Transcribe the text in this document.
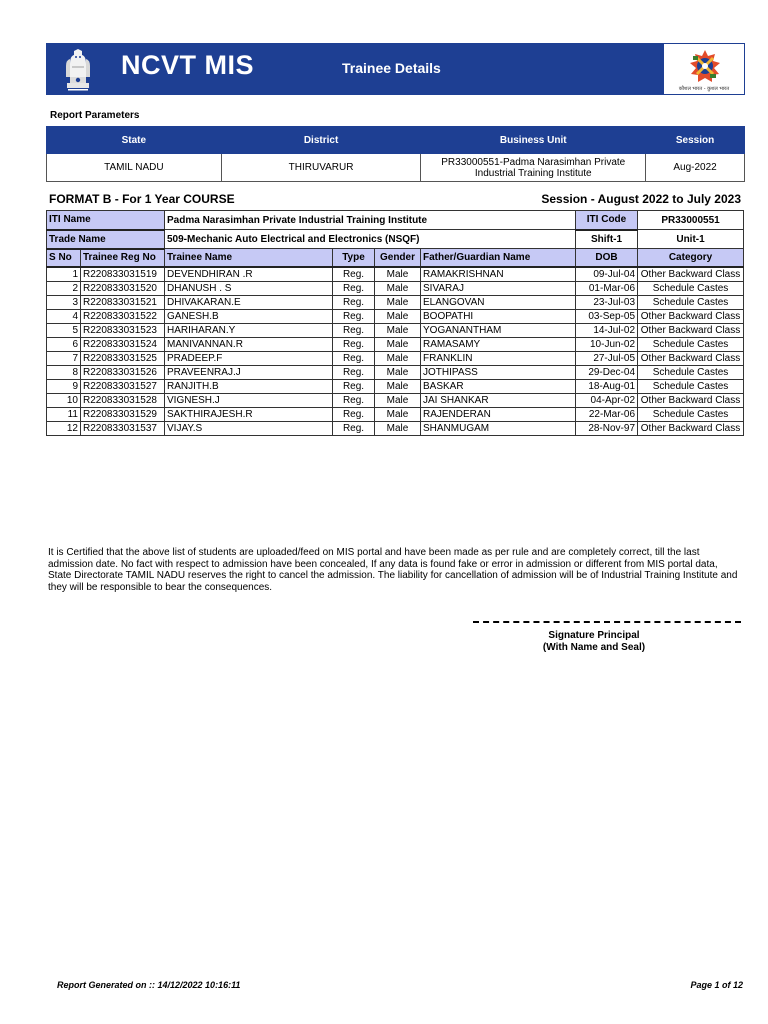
NCVT MIS	Trainee Details
कौशल भारत - कुशल भारत
Report Parameters
State	District	Business Unit	Session
TAMIL NADU	THIRUVARUR	PR33000551-Padma Narasimhan Private Industrial Training Institute	Aug-2022
FORMAT B - For 1 Year COURSE	Session - August 2022 to July 2023
ITI Name		Padma Narasimhan Private Industrial Training Institute				ITI Code	PR33000551
Trade Name		509-Mechanic Auto Electrical and Electronics (NSQF)				Shift-1	Unit-1
S No	Trainee Reg No	Trainee Name	Type	Gender	Father/Guardian Name	DOB	Category
1	R220833031519	DEVENDHIRAN .R	Reg.	Male	RAMAKRISHNAN	09-Jul-04	Other Backward Class
2	R220833031520	DHANUSH . S	Reg.	Male	SIVARAJ	01-Mar-06	Schedule Castes
3	R220833031521	DHIVAKARAN.E	Reg.	Male	ELANGOVAN	23-Jul-03	Schedule Castes
4	R220833031522	GANESH.B	Reg.	Male	BOOPATHI	03-Sep-05	Other Backward Class
5	R220833031523	HARIHARAN.Y	Reg.	Male	YOGANANTHAM	14-Jul-02	Other Backward Class
6	R220833031524	MANIVANNAN.R	Reg.	Male	RAMASAMY	10-Jun-02	Schedule Castes
7	R220833031525	PRADEEP.F	Reg.	Male	FRANKLIN	27-Jul-05	Other Backward Class
8	R220833031526	PRAVEENRAJ.J	Reg.	Male	JOTHIPASS	29-Dec-04	Schedule Castes
9	R220833031527	RANJITH.B	Reg.	Male	BASKAR	18-Aug-01	Schedule Castes
10	R220833031528	VIGNESH.J	Reg.	Male	JAI SHANKAR	04-Apr-02	Other Backward Class
11	R220833031529	SAKTHIRAJESH.R	Reg.	Male	RAJENDERAN	22-Mar-06	Schedule Castes
12	R220833031537	VIJAY.S	Reg.	Male	SHANMUGAM	28-Nov-97	Other Backward Class
It is Certified that the above list of students are uploaded/feed on MIS portal and have been made as per rule and are completely correct, till the last admission date. No fact with respect to admission have been concealed, If any data is found fake or error in admission or different from MIS portal data, State Directorate TAMIL NADU reserves the right to cancel the admission. The liability for cancellation of admission will be of Industrial Training Institute and they will be responsible to bear the consequences.
Signature Principal
(With Name and Seal)
Report Generated on :: 14/12/2022 10:16:11	Page 1 of 12
